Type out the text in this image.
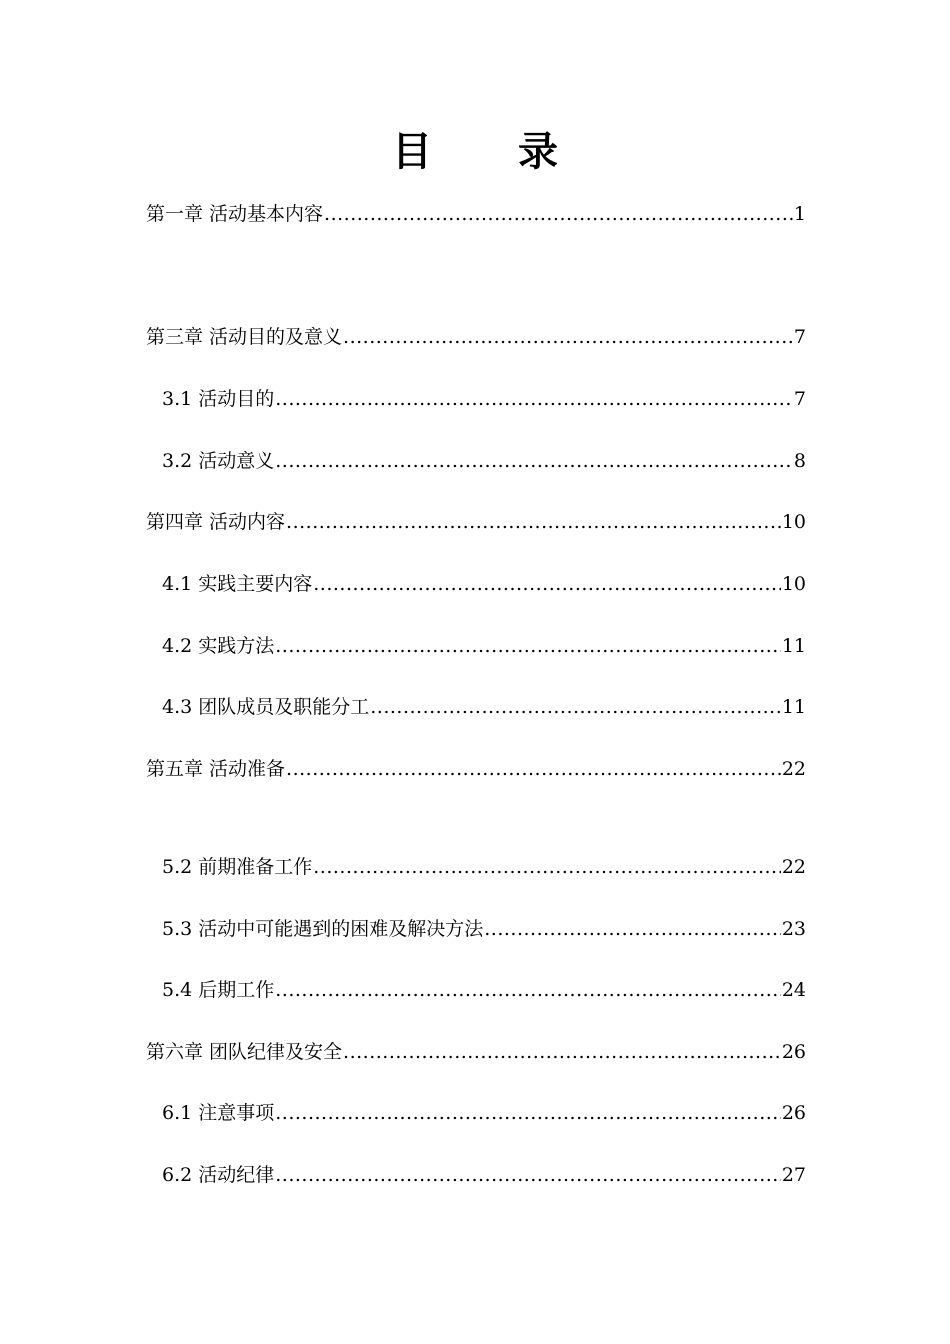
目 录
第一章 活动基本内容 .....	1
第三章 活动目的及意义 .....	7
3.1 活动目的 .....	7
3.2 活动意义 .....	8
第四章 活动内容 .....	10
4.1 实践主要内容 .....	10
4.2 实践方法 .....	11
4.3 团队成员及职能分工 .....	11
第五章 活动准备 .....	22
5.2 前期准备工作 .....	22
5.3 活动中可能遇到的困难及解决方法 .....	23
5.4 后期工作 .....	24
第六章 团队纪律及安全 .....	26
6.1 注意事项 .....	26
6.2 活动纪律 .....	27
